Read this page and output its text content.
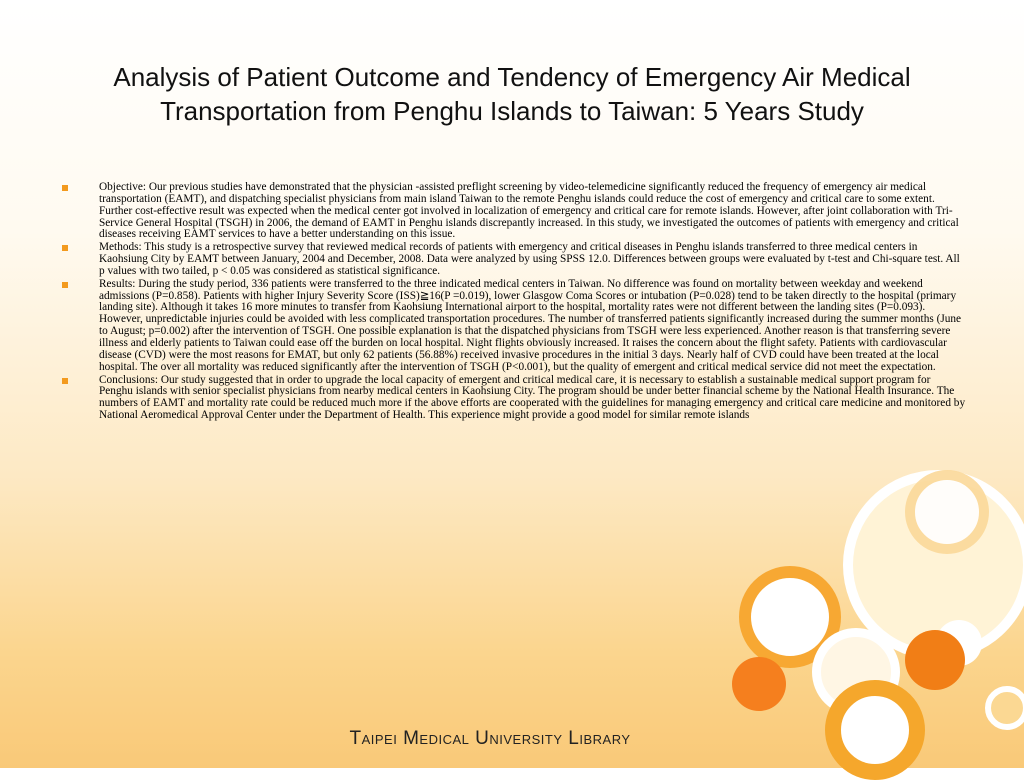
Analysis of Patient Outcome and Tendency of Emergency Air Medical
Transportation from Penghu Islands to Taiwan: 5 Years Study
Objective: Our previous studies have demonstrated that the physician -assisted preflight screening by video-telemedicine significantly reduced the frequency of emergency air medical transportation (EAMT), and dispatching specialist physicians from main island Taiwan to the remote Penghu islands could reduce the cost of emergency and critical care to some extent. Further cost-effective result was expected when the medical center got involved in localization of emergency and critical care for remote islands. However, after joint collaboration with Tri-Service General Hospital (TSGH) in 2006, the demand of EAMT in Penghu islands discrepantly increased. In this study, we investigated the outcomes of patients with emergency and critical diseases receiving EAMT services to have a better understanding on this issue.
Methods: This study is a retrospective survey that reviewed medical records of patients with emergency and critical diseases in Penghu islands transferred to three medical centers in Kaohsiung City by EAMT between January, 2004 and December, 2008. Data were analyzed by using SPSS 12.0. Differences between groups were evaluated by t-test and Chi-square test. All p values with two tailed, p < 0.05 was considered as statistical significance.
Results: During the study period, 336 patients were transferred to the three indicated medical centers in Taiwan. No difference was found on mortality between weekday and weekend admissions (P=0.858). Patients with higher Injury Severity Score (ISS)≧16(P =0.019), lower Glasgow Coma Scores or intubation (P=0.028) tend to be taken directly to the hospital (primary landing site). Although it takes 16 more minutes to transfer from Kaohsiung International airport to the hospital, mortality rates were not different between the landing sites (P=0.093). However, unpredictable injuries could be avoided with less complicated transportation procedures. The number of transferred patients significantly increased during the summer months (June to August; p=0.002) after the intervention of TSGH. One possible explanation is that the dispatched physicians from TSGH were less experienced. Another reason is that transferring severe illness and elderly patients to Taiwan could ease off the burden on local hospital. Night flights obviously increased. It raises the concern about the flight safety. Patients with cardiovascular disease (CVD) were the most reasons for EMAT, but only 62 patients (56.88%) received invasive procedures in the initial 3 days. Nearly half of CVD could have been treated at the local hospital. The over all mortality was reduced significantly after the intervention of TSGH (P<0.001), but the quality of emergent and critical medical service did not meet the expectation.
Conclusions: Our study suggested that in order to upgrade the local capacity of emergent and critical medical care, it is necessary to establish a sustainable medical support program for Penghu islands with senior specialist physicians from nearby medical centers in Kaohsiung City. The program should be under better financial scheme by the National Health Insurance. The numbers of EAMT and mortality rate could be reduced much more if the above efforts are cooperated with the guidelines for managing emergency and critical care medicine and monitored by National Aeromedical Approval Center under the Department of Health. This experience might provide a good model for similar remote islands
Taipei Medical University Library
